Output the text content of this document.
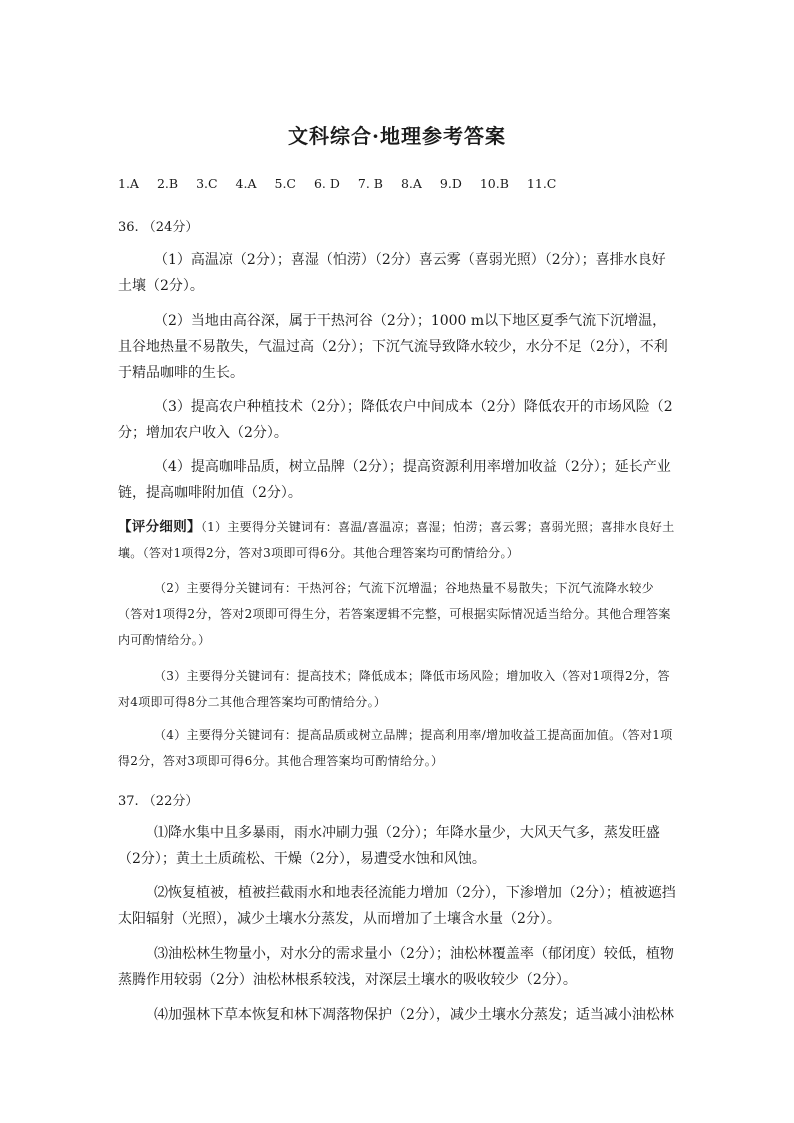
文科综合·地理参考答案
1.A 2.B 3.C 4.A 5.C 6. D 7. B 8.A 9.D 10.B 11.C
36. （24分）

（1）高温凉（2分）；喜湿（怕涝）（2分）喜云雾（喜弱光照）（2分）；喜排水良好土壤（2分）。

（2）当地由高谷深，属于干热河谷（2分）；1000 m以下地区夏季气流下沉增温，且谷地热量不易散失，气温过高（2分）；下沉气流导致降水较少，水分不足（2分），不利于精品咖啡的生长。

（3）提高农户种植技术（2分）；降低农户中间成本（2分）降低农开的市场风险（2分；增加农户收入（2分）。

（4）提高咖啡品质，树立品牌（2分）；提高资源利用率增加收益（2分）；延长产业链，提高咖啡附加值（2分）。

【评分细则】（1）主要得分关键词有：喜温/喜温凉；喜湿；怕涝；喜云雾；喜弱光照；喜排水良好土壤。（答对1项得2分，答对3项即可得6分。其他合理答案均可酌情给分。）

（2）主要得分关键词有：干热河谷；气流下沉增温；谷地热量不易散失；下沉气流降水较少（答对1项得2分，答对2项即可得生分，若答案逻辑不完整，可根据实际情况适当给分。其他合理答案内可酌情给分。）

（3）主要得分关键词有：提高技术；降低成本；降低市场风险；增加收入（答对1项得2分，答对4项即可得8分二其他合理答案均可酌情给分。）

（4）主要得分关键词有：提高品质或树立品牌；提高利用率/增加收益工提高面加值。（答对1项得2分，答对3项即可得6分。其他合理答案均可酌情给分。）

37. （22分）

⑴降水集中且多暴雨，雨水冲刷力强（2分）；年降水量少，大风天气多，蒸发旺盛（2分）；黄土土质疏松、干燥（2分），易遭受水蚀和风蚀。

⑵恢复植被，植被拦截雨水和地表径流能力增加（2分），下渗增加（2分）；植被遮挡太阳辐射（光照），减少土壤水分蒸发，从而增加了土壤含水量（2分）。

⑶油松林生物量小，对水分的需求量小（2分）；油松林覆盖率（郁闭度）较低，植物蒸腾作用较弱（2分）油松林根系较浅，对深层土壤水的吸收较少（2分）。

⑷加强林下草本恢复和林下凋落物保护（2分），减少土壤水分蒸发；适当减小油松林
